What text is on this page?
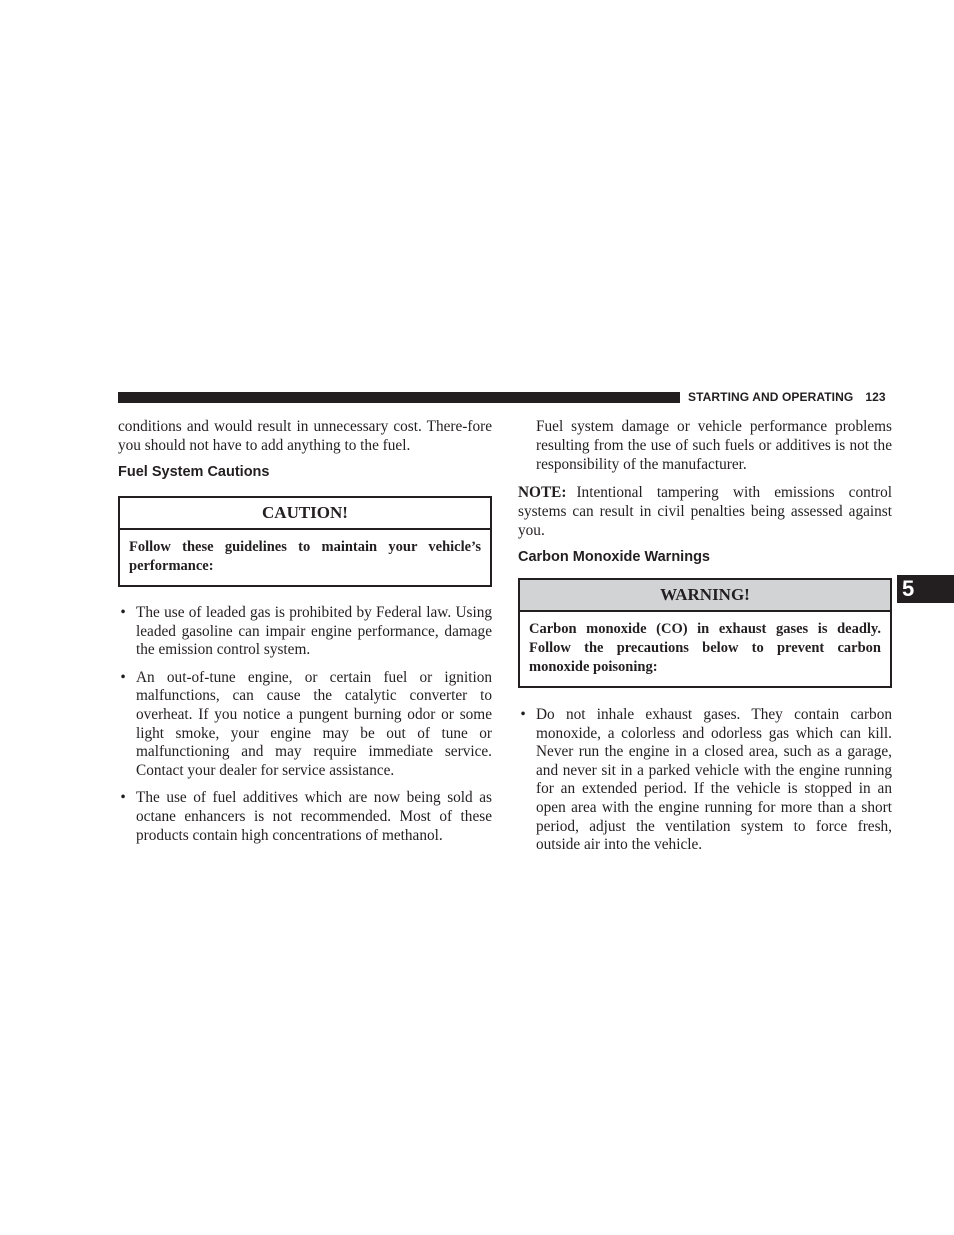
STARTING AND OPERATING 123
5

conditions and would result in unnecessary cost. There-fore you should not have to add anything to the fuel.

Fuel System Cautions
CAUTION!
Follow these guidelines to maintain your vehicle’s performance:
• The use of leaded gas is prohibited by Federal law. Using leaded gasoline can impair engine performance, damage the emission control system.
• An out-of-tune engine, or certain fuel or ignition malfunctions, can cause the catalytic converter to overheat. If you notice a pungent burning odor or some light smoke, your engine may be out of tune or malfunctioning and may require immediate service. Contact your dealer for service assistance.
• The use of fuel additives which are now being sold as octane enhancers is not recommended. Most of these products contain high concentrations of methanol.

Fuel system damage or vehicle performance problems resulting from the use of such fuels or additives is not the responsibility of the manufacturer.

NOTE: Intentional tampering with emissions control systems can result in civil penalties being assessed against you.

Carbon Monoxide Warnings
WARNING!
Carbon monoxide (CO) in exhaust gases is deadly. Follow the precautions below to prevent carbon monoxide poisoning:
• Do not inhale exhaust gases. They contain carbon monoxide, a colorless and odorless gas which can kill. Never run the engine in a closed area, such as a garage, and never sit in a parked vehicle with the engine running for an extended period. If the vehicle is stopped in an open area with the engine running for more than a short period, adjust the ventilation system to force fresh, outside air into the vehicle.
